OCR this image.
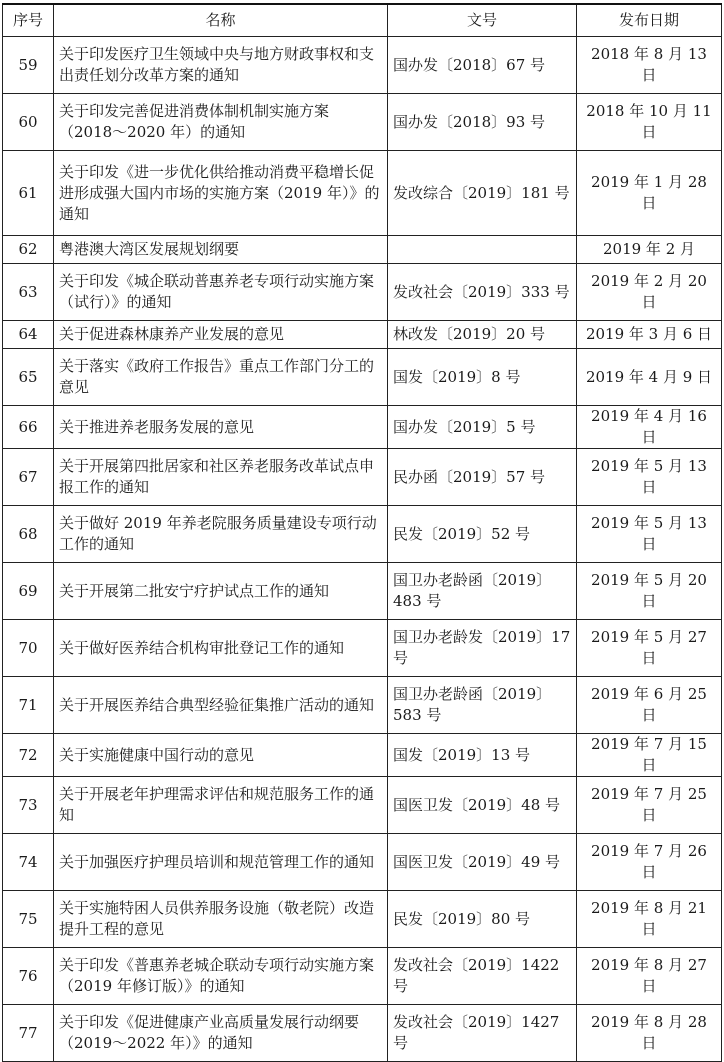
序号	名称	文号	发布日期
59	关于印发医疗卫生领域中央与地方财政事权和支出责任划分改革方案的通知	国办发〔2018〕67 号	2018 年 8 月 13 日
60	关于印发完善促进消费体制机制实施方案（2018～2020 年）的通知	国办发〔2018〕93 号	2018 年 10 月 11 日
61	关于印发《进一步优化供给推动消费平稳增长促进形成强大国内市场的实施方案（2019 年）》的通知	发改综合〔2019〕181 号	2019 年 1 月 28 日
62	粤港澳大湾区发展规划纲要		2019 年 2 月
63	关于印发《城企联动普惠养老专项行动实施方案（试行）》的通知	发改社会〔2019〕333 号	2019 年 2 月 20 日
64	关于促进森林康养产业发展的意见	林改发〔2019〕20 号	2019 年 3 月 6 日
65	关于落实《政府工作报告》重点工作部门分工的意见	国发〔2019〕8 号	2019 年 4 月 9 日
66	关于推进养老服务发展的意见	国办发〔2019〕5 号	2019 年 4 月 16 日
67	关于开展第四批居家和社区养老服务改革试点申报工作的通知	民办函〔2019〕57 号	2019 年 5 月 13 日
68	关于做好 2019 年养老院服务质量建设专项行动工作的通知	民发〔2019〕52 号	2019 年 5 月 13 日
69	关于开展第二批安宁疗护试点工作的通知	国卫办老龄函〔2019〕483 号	2019 年 5 月 20 日
70	关于做好医养结合机构审批登记工作的通知	国卫办老龄发〔2019〕17 号	2019 年 5 月 27 日
71	关于开展医养结合典型经验征集推广活动的通知	国卫办老龄函〔2019〕583 号	2019 年 6 月 25 日
72	关于实施健康中国行动的意见	国发〔2019〕13 号	2019 年 7 月 15 日
73	关于开展老年护理需求评估和规范服务工作的通知	国医卫发〔2019〕48 号	2019 年 7 月 25 日
74	关于加强医疗护理员培训和规范管理工作的通知	国医卫发〔2019〕49 号	2019 年 7 月 26 日
75	关于实施特困人员供养服务设施（敬老院）改造提升工程的意见	民发〔2019〕80 号	2019 年 8 月 21 日
76	关于印发《普惠养老城企联动专项行动实施方案（2019 年修订版）》的通知	发改社会〔2019〕1422 号	2019 年 8 月 27 日
77	关于印发《促进健康产业高质量发展行动纲要（2019～2022 年）》的通知	发改社会〔2019〕1427 号	2019 年 8 月 28 日
